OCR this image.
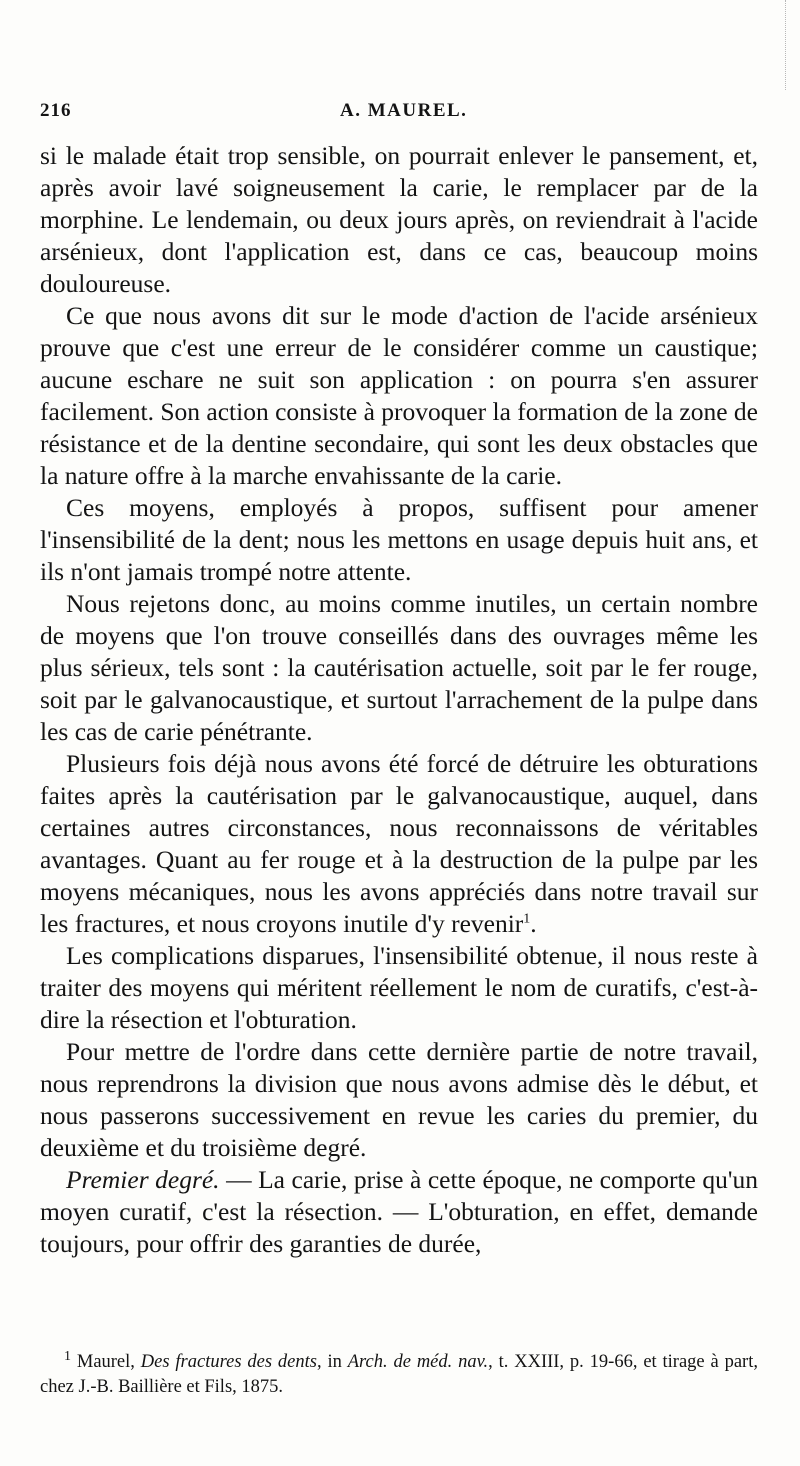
216	A. MAUREL.

si le malade était trop sensible, on pourrait enlever le pansement, et, après avoir lavé soigneusement la carie, le remplacer par de la morphine. Le lendemain, ou deux jours après, on reviendrait à l'acide arsénieux, dont l'application est, dans ce cas, beaucoup moins douloureuse.

Ce que nous avons dit sur le mode d'action de l'acide arsénieux prouve que c'est une erreur de le considérer comme un caustique; aucune eschare ne suit son application : on pourra s'en assurer facilement. Son action consiste à provoquer la formation de la zone de résistance et de la dentine secondaire, qui sont les deux obstacles que la nature offre à la marche envahissante de la carie.

Ces moyens, employés à propos, suffisent pour amener l'insensibilité de la dent; nous les mettons en usage depuis huit ans, et ils n'ont jamais trompé notre attente.

Nous rejetons donc, au moins comme inutiles, un certain nombre de moyens que l'on trouve conseillés dans des ouvrages même les plus sérieux, tels sont : la cautérisation actuelle, soit par le fer rouge, soit par le galvanocaustique, et surtout l'arrachement de la pulpe dans les cas de carie pénétrante.

Plusieurs fois déjà nous avons été forcé de détruire les obturations faites après la cautérisation par le galvanocaustique, auquel, dans certaines autres circonstances, nous reconnaissons de véritables avantages. Quant au fer rouge et à la destruction de la pulpe par les moyens mécaniques, nous les avons appréciés dans notre travail sur les fractures, et nous croyons inutile d'y revenir$^1$.

Les complications disparues, l'insensibilité obtenue, il nous reste à traiter des moyens qui méritent réellement le nom de curatifs, c'est-à-dire la résection et l'obturation.

Pour mettre de l'ordre dans cette dernière partie de notre travail, nous reprendrons la division que nous avons admise dès le début, et nous passerons successivement en revue les caries du premier, du deuxième et du troisième degré.

Premier degré. — La carie, prise à cette époque, ne comporte qu'un moyen curatif, c'est la résection. — L'obturation, en effet, demande toujours, pour offrir des garanties de durée,

$^1$ Maurel, Des fractures des dents, in Arch. de méd. nav., t. XXIII, p. 19-66, et tirage à part, chez J.-B. Baillière et Fils, 1875.
